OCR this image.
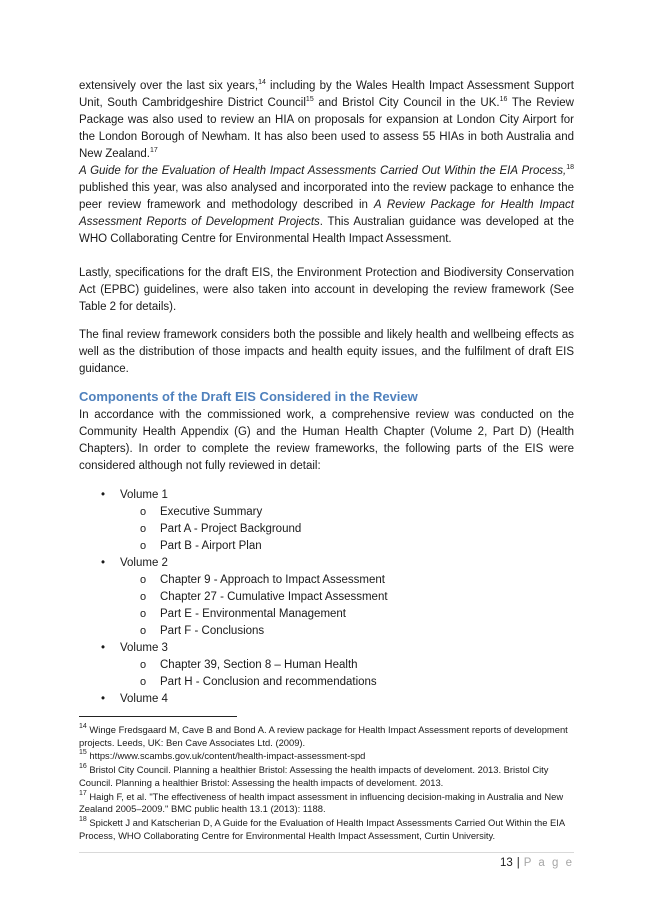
extensively over the last six years,$^{14}$ including by the Wales Health Impact Assessment Support Unit, South Cambridgeshire District Council$^{15}$ and Bristol City Council in the UK.$^{16}$ The Review Package was also used to review an HIA on proposals for expansion at London City Airport for the London Borough of Newham. It has also been used to assess 55 HIAs in both Australia and New Zealand.$^{17}$

A Guide for the Evaluation of Health Impact Assessments Carried Out Within the EIA Process,$^{18}$ published this year, was also analysed and incorporated into the review package to enhance the peer review framework and methodology described in A Review Package for Health Impact Assessment Reports of Development Projects. This Australian guidance was developed at the WHO Collaborating Centre for Environmental Health Impact Assessment.

Lastly, specifications for the draft EIS, the Environment Protection and Biodiversity Conservation Act (EPBC) guidelines, were also taken into account in developing the review framework (See Table 2 for details).

The final review framework considers both the possible and likely health and wellbeing effects as well as the distribution of those impacts and health equity issues, and the fulfilment of draft EIS guidance.

Components of the Draft EIS Considered in the Review

In accordance with the commissioned work, a comprehensive review was conducted on the Community Health Appendix (G) and the Human Health Chapter (Volume 2, Part D) (Health Chapters). In order to complete the review frameworks, the following parts of the EIS were considered although not fully reviewed in detail:

• Volume 1
o Executive Summary
o Part A - Project Background
o Part B - Airport Plan
• Volume 2
o Chapter 9 - Approach to Impact Assessment
o Chapter 27 - Cumulative Impact Assessment
o Part E - Environmental Management
o Part F - Conclusions
• Volume 3
o Chapter 39, Section 8 – Human Health
o Part H - Conclusion and recommendations
• Volume 4

$^{14}$ Winge Fredsgaard M, Cave B and Bond A. A review package for Health Impact Assessment reports of development projects. Leeds, UK: Ben Cave Associates Ltd. (2009).

$^{15}$ https://www.scambs.gov.uk/content/health-impact-assessment-spd

$^{16}$ Bristol City Council. Planning a healthier Bristol: Assessing the health impacts of develoment. 2013. Bristol City Council. Planning a healthier Bristol: Assessing the health impacts of develoment. 2013.

$^{17}$ Haigh F, et al. "The effectiveness of health impact assessment in influencing decision-making in Australia and New Zealand 2005–2009." BMC public health 13.1 (2013): 1188.

$^{18}$ Spickett J and Katscherian D, A Guide for the Evaluation of Health Impact Assessments Carried Out Within the EIA Process, WHO Collaborating Centre for Environmental Health Impact Assessment, Curtin University.

13 | P a g e
